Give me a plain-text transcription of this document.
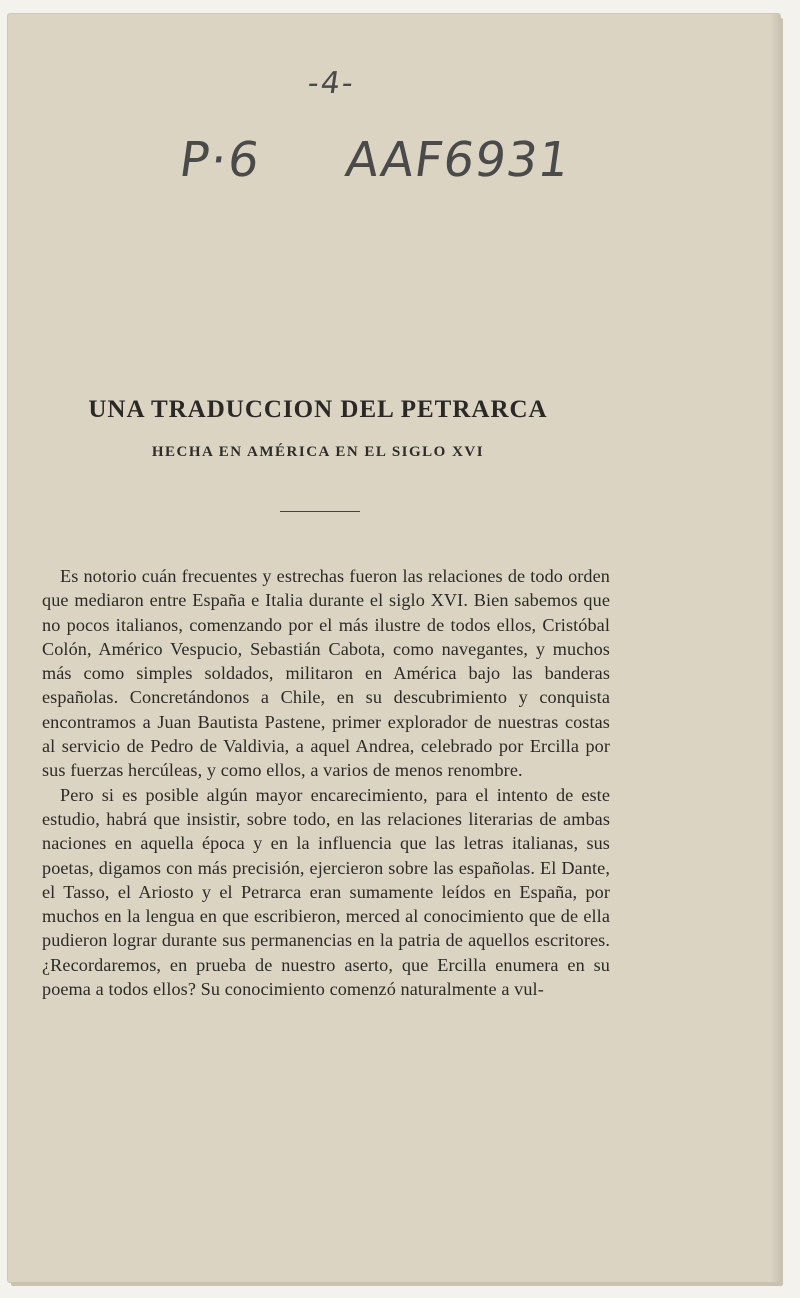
-4-
P·6 AAF6931
UNA TRADUCCION DEL PETRARCA
HECHA EN AMÉRICA EN EL SIGLO XVI

Es notorio cuán frecuentes y estrechas fueron las relaciones de todo orden que mediaron entre España e Italia durante el siglo XVI. Bien sabemos que no pocos italianos, comenzando por el más ilustre de todos ellos, Cristóbal Colón, Américo Vespucio, Sebastián Cabota, como navegantes, y muchos más como simples soldados, militaron en América bajo las banderas españolas. Concretándonos a Chile, en su descubrimiento y conquista encontramos a Juan Bautista Pastene, primer explorador de nuestras costas al servicio de Pedro de Valdivia, a aquel Andrea, celebrado por Ercilla por sus fuerzas hercúleas, y como ellos, a varios de menos renombre.

Pero si es posible algún mayor encarecimiento, para el intento de este estudio, habrá que insistir, sobre todo, en las relaciones literarias de ambas naciones en aquella época y en la influencia que las letras italianas, sus poetas, digamos con más precisión, ejercieron sobre las españolas. El Dante, el Tasso, el Ariosto y el Petrarca eran sumamente leídos en España, por muchos en la lengua en que escribieron, merced al conocimiento que de ella pudieron lograr durante sus permanencias en la patria de aquellos escritores. ¿Recordaremos, en prueba de nuestro aserto, que Ercilla enumera en su poema a todos ellos? Su conocimiento comenzó naturalmente a vul-
